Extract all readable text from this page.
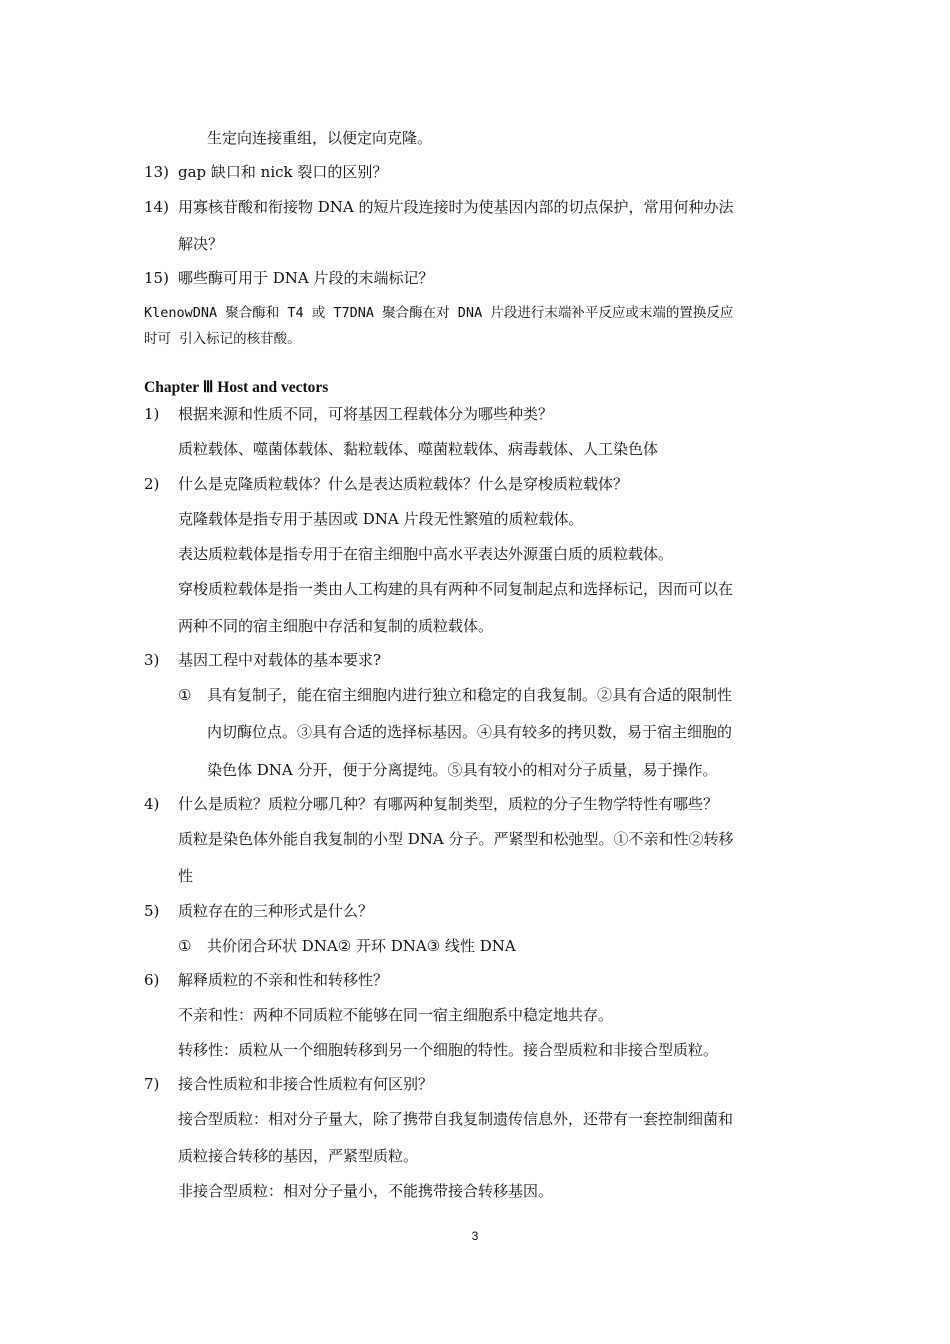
生定向连接重组，以便定向克隆。
13) gap 缺口和 nick 裂口的区别？
14) 用寡核苷酸和衔接物 DNA 的短片段连接时为使基因内部的切点保护，常用何种办法
解决？
15) 哪些酶可用于 DNA 片段的末端标记？
KlenowDNA 聚合酶和 T4 或 T7DNA 聚合酶在对 DNA 片段进行末端补平反应或末端的置换反应
时可 引入标记的核苷酸。
Chapter Ⅲ Host and vectors
1) 根据来源和性质不同，可将基因工程载体分为哪些种类？
质粒载体、噬菌体载体、黏粒载体、噬菌粒载体、病毒载体、人工染色体
2) 什么是克隆质粒载体？什么是表达质粒载体？什么是穿梭质粒载体？
克隆载体是指专用于基因或 DNA 片段无性繁殖的质粒载体。
表达质粒载体是指专用于在宿主细胞中高水平表达外源蛋白质的质粒载体。
穿梭质粒载体是指一类由人工构建的具有两种不同复制起点和选择标记，因而可以在
两种不同的宿主细胞中存活和复制的质粒载体。
3) 基因工程中对载体的基本要求?
① 具有复制子，能在宿主细胞内进行独立和稳定的自我复制。②具有合适的限制性
内切酶位点。③具有合适的选择标基因。④具有较多的拷贝数，易于宿主细胞的
染色体 DNA 分开，便于分离提纯。⑤具有较小的相对分子质量，易于操作。
4) 什么是质粒？质粒分哪几种？有哪两种复制类型，质粒的分子生物学特性有哪些？
质粒是染色体外能自我复制的小型 DNA 分子。严紧型和松弛型。①不亲和性②转移
性
5) 质粒存在的三种形式是什么？
① 共价闭合环状 DNA② 开环 DNA③ 线性 DNA
6) 解释质粒的不亲和性和转移性？
不亲和性：两种不同质粒不能够在同一宿主细胞系中稳定地共存。
转移性：质粒从一个细胞转移到另一个细胞的特性。接合型质粒和非接合型质粒。
7) 接合性质粒和非接合性质粒有何区别？
接合型质粒：相对分子量大，除了携带自我复制遗传信息外，还带有一套控制细菌和
质粒接合转移的基因，严紧型质粒。
非接合型质粒：相对分子量小，不能携带接合转移基因。
3
